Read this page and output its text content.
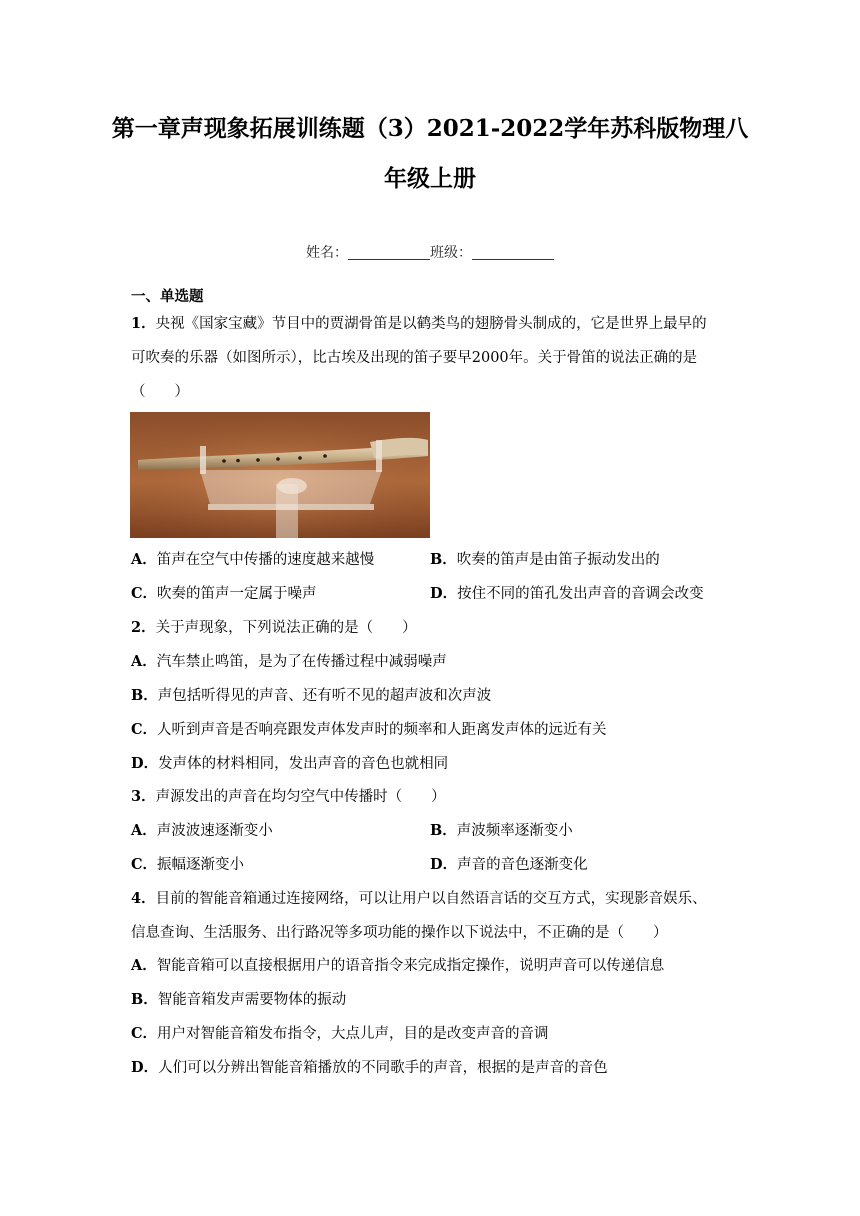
第一章声现象拓展训练题（3）2021-2022学年苏科版物理八
年级上册
姓名：	班级：
一、单选题
1．央视《国家宝藏》节目中的贾湖骨笛是以鹤类鸟的翅膀骨头制成的，它是世界上最早的
可吹奏的乐器（如图所示），比古埃及出现的笛子要早2000年。关于骨笛的说法正确的是
（　　）
A．笛声在空气中传播的速度越来越慢	B．吹奏的笛声是由笛子振动发出的
C．吹奏的笛声一定属于噪声	D．按住不同的笛孔发出声音的音调会改变
2．关于声现象，下列说法正确的是（　　）
A．汽车禁止鸣笛，是为了在传播过程中减弱噪声
B．声包括听得见的声音、还有听不见的超声波和次声波
C．人听到声音是否响亮跟发声体发声时的频率和人距离发声体的远近有关
D．发声体的材料相同，发出声音的音色也就相同
3．声源发出的声音在均匀空气中传播时（　　）
A．声波波速逐渐变小	B．声波频率逐渐变小
C．振幅逐渐变小	D．声音的音色逐渐变化
4．目前的智能音箱通过连接网络，可以让用户以自然语言话的交互方式，实现影音娱乐、
信息查询、生活服务、出行路况等多项功能的操作以下说法中，不正确的是（　　）
A．智能音箱可以直接根据用户的语音指令来完成指定操作，说明声音可以传递信息
B．智能音箱发声需要物体的振动
C．用户对智能音箱发布指令，大点儿声，目的是改变声音的音调
D．人们可以分辨出智能音箱播放的不同歌手的声音，根据的是声音的音色
